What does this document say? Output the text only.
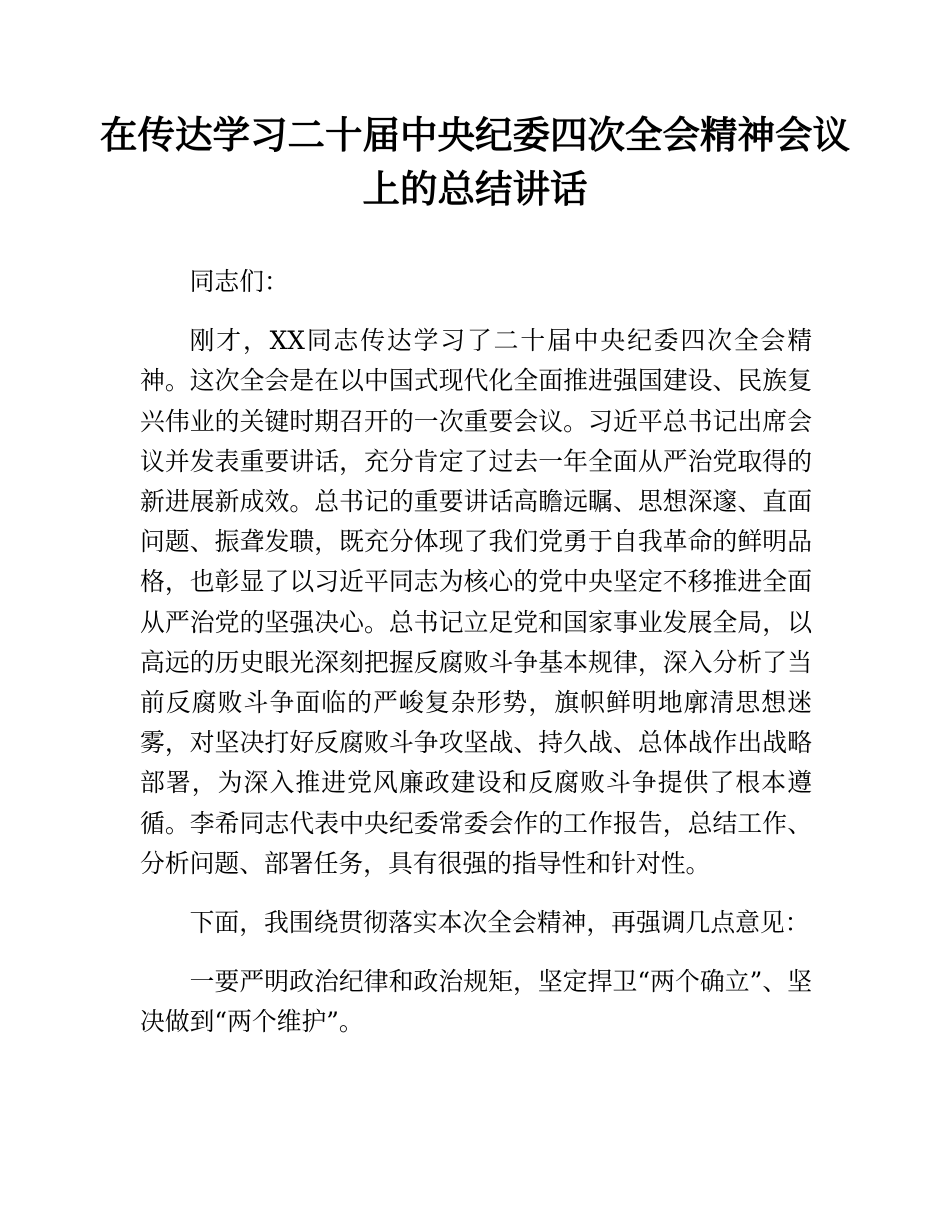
在传达学习二十届中央纪委四次全会精神会议上的总结讲话

同志们：

刚才，XX同志传达学习了二十届中央纪委四次全会精神。这次全会是在以中国式现代化全面推进强国建设、民族复兴伟业的关键时期召开的一次重要会议。习近平总书记出席会议并发表重要讲话，充分肯定了过去一年全面从严治党取得的新进展新成效。总书记的重要讲话高瞻远瞩、思想深邃、直面问题、振聋发聩，既充分体现了我们党勇于自我革命的鲜明品格，也彰显了以习近平同志为核心的党中央坚定不移推进全面从严治党的坚强决心。总书记立足党和国家事业发展全局，以高远的历史眼光深刻把握反腐败斗争基本规律，深入分析了当前反腐败斗争面临的严峻复杂形势，旗帜鲜明地廓清思想迷雾，对坚决打好反腐败斗争攻坚战、持久战、总体战作出战略部署，为深入推进党风廉政建设和反腐败斗争提供了根本遵循。李希同志代表中央纪委常委会作的工作报告，总结工作、分析问题、部署任务，具有很强的指导性和针对性。

下面，我围绕贯彻落实本次全会精神，再强调几点意见：

一要严明政治纪律和政治规矩，坚定捍卫“两个确立”、坚决做到“两个维护”。
